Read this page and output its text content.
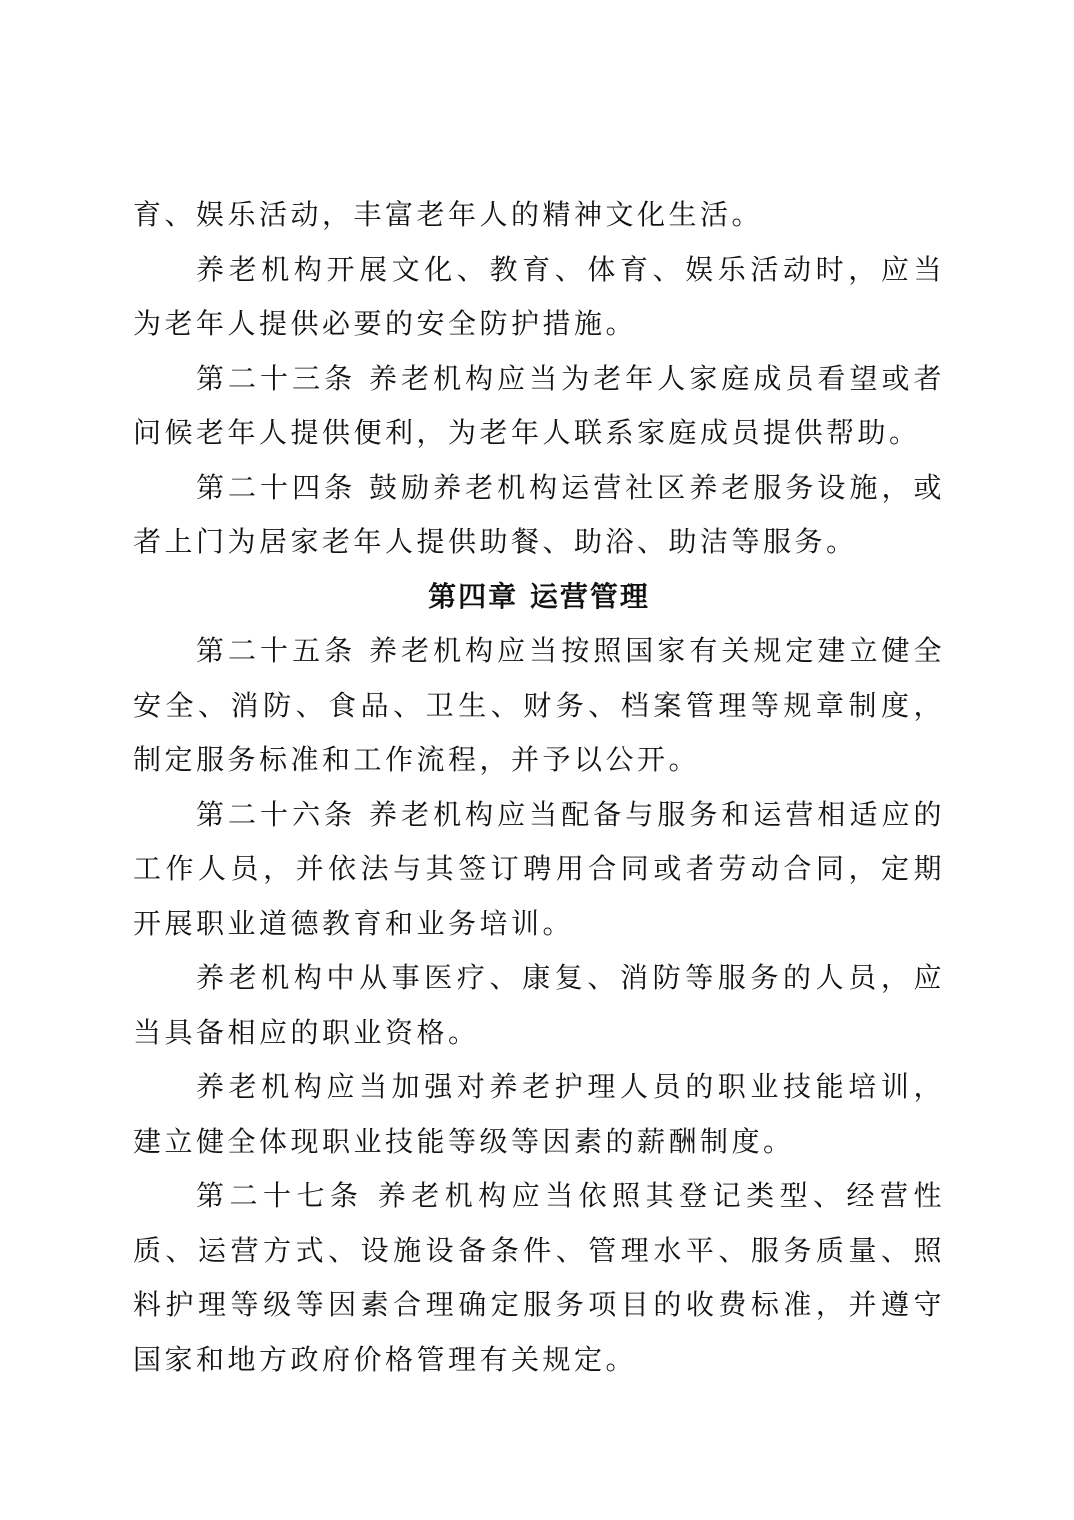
育、娱乐活动，丰富老年人的精神文化生活。

养老机构开展文化、教育、体育、娱乐活动时，应当为老年人提供必要的安全防护措施。

第二十三条 养老机构应当为老年人家庭成员看望或者问候老年人提供便利，为老年人联系家庭成员提供帮助。

第二十四条 鼓励养老机构运营社区养老服务设施，或者上门为居家老年人提供助餐、助浴、助洁等服务。

第四章 运营管理

第二十五条 养老机构应当按照国家有关规定建立健全安全、消防、食品、卫生、财务、档案管理等规章制度，制定服务标准和工作流程，并予以公开。

第二十六条 养老机构应当配备与服务和运营相适应的工作人员，并依法与其签订聘用合同或者劳动合同，定期开展职业道德教育和业务培训。

养老机构中从事医疗、康复、消防等服务的人员，应当具备相应的职业资格。

养老机构应当加强对养老护理人员的职业技能培训，建立健全体现职业技能等级等因素的薪酬制度。

第二十七条 养老机构应当依照其登记类型、经营性质、运营方式、设施设备条件、管理水平、服务质量、照料护理等级等因素合理确定服务项目的收费标准，并遵守国家和地方政府价格管理有关规定。
